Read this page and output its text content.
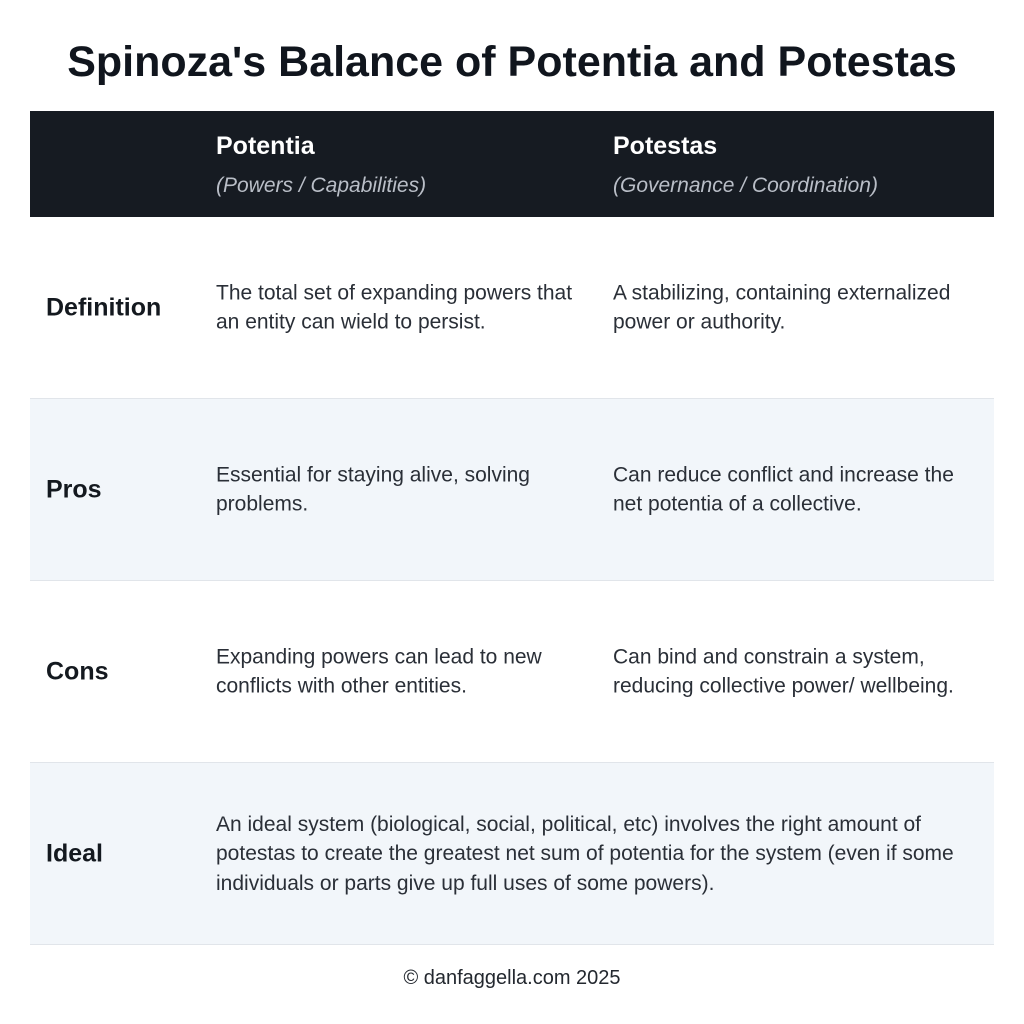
Spinoza's Balance of Potentia and Potestas
Potentia
(Powers / Capabilities)
Potestas
(Governance / Coordination)
Definition
The total set of expanding powers that an entity can wield to persist.
A stabilizing, containing externalized power or authority.
Pros
Essential for staying alive, solving problems.
Can reduce conflict and increase the net potentia of a collective.
Cons
Expanding powers can lead to new conflicts with other entities.
Can bind and constrain a system, reducing collective power/ wellbeing.
Ideal
An ideal system (biological, social, political, etc) involves the right amount of potestas to create the greatest net sum of potentia for the system (even if some individuals or parts give up full uses of some powers).
© danfaggella.com 2025
